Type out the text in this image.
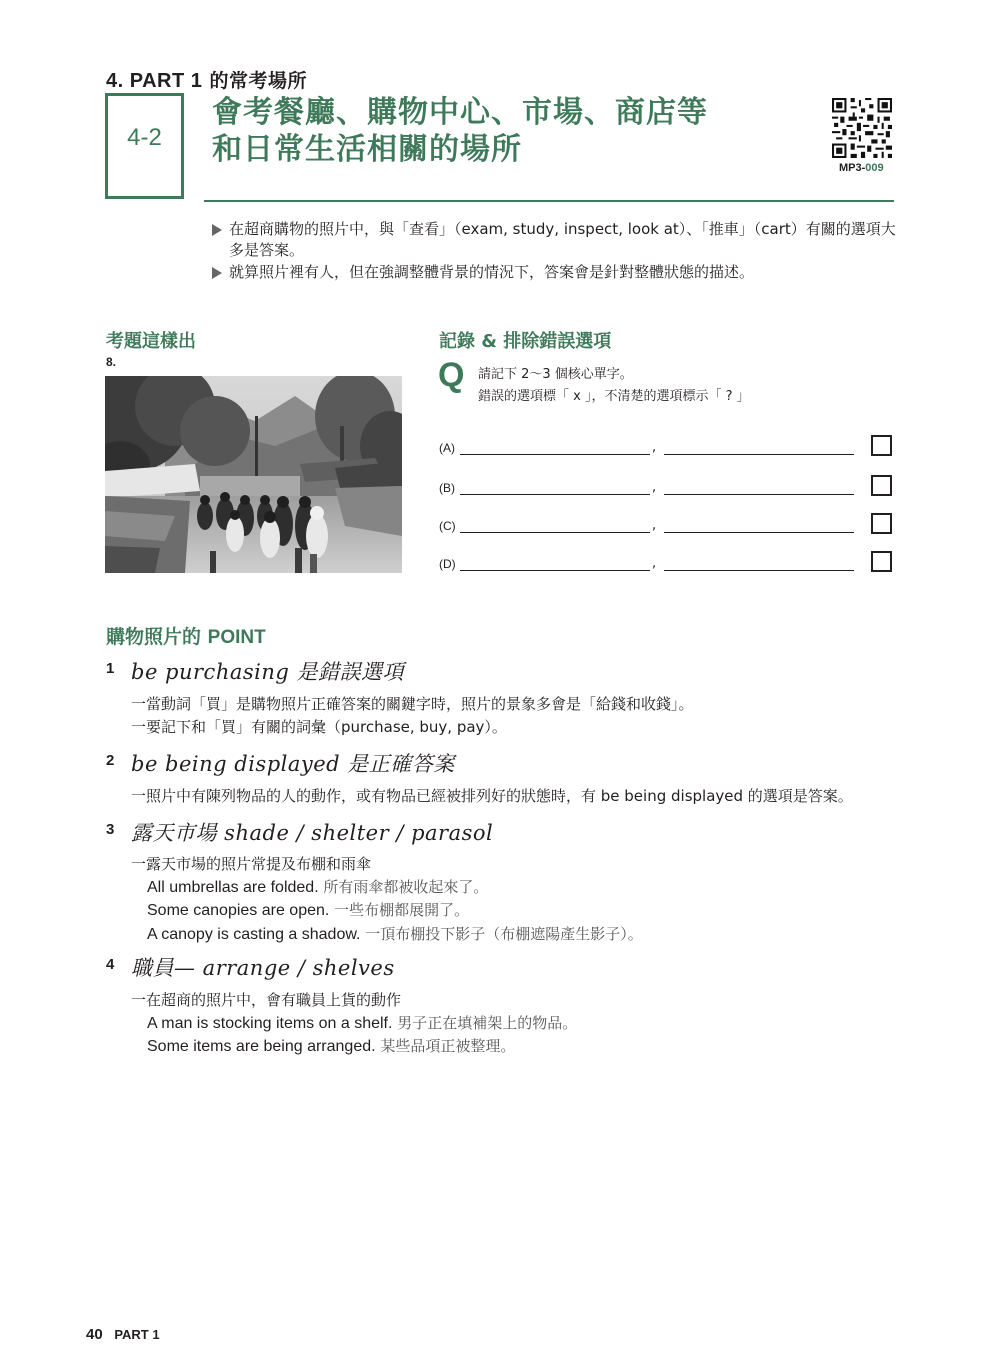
4. PART 1 的常考場所
4-2
會考餐廳、購物中心、市場、商店等
和日常生活相關的場所
MP3-009
在超商購物的照片中，與「查看」（exam, study, inspect, look at）、「推車」（cart）有關的選項大多是答案。
就算照片裡有人，但在強調整體背景的情況下，答案會是針對整體狀態的描述。
考題這樣出
8.
記錄 & 排除錯誤選項
Q 請記下 2～3 個核心單字。
錯誤的選項標「 x 」，不清楚的選項標示「 ? 」
(A)	,
(B)	,
(C)	,
(D)	,
購物照片的 POINT
1 be purchasing 是錯誤選項
一當動詞「買」是購物照片正確答案的關鍵字時，照片的景象多會是「給錢和收錢」。
一要記下和「買」有關的詞彙（purchase, buy, pay）。
2 be being displayed 是正確答案
一照片中有陳列物品的人的動作，或有物品已經被排列好的狀態時，有 be being displayed 的選項是答案。
3 露天市場 shade / shelter / parasol
一露天市場的照片常提及布棚和雨傘
All umbrellas are folded. 所有雨傘都被收起來了。
Some canopies are open. 一些布棚都展開了。
A canopy is casting a shadow. 一頂布棚投下影子（布棚遮陽產生影子）。
4 職員— arrange / shelves
一在超商的照片中，會有職員上貨的動作
A man is stocking items on a shelf. 男子正在填補架上的物品。
Some items are being arranged. 某些品項正被整理。
40 PART 1
